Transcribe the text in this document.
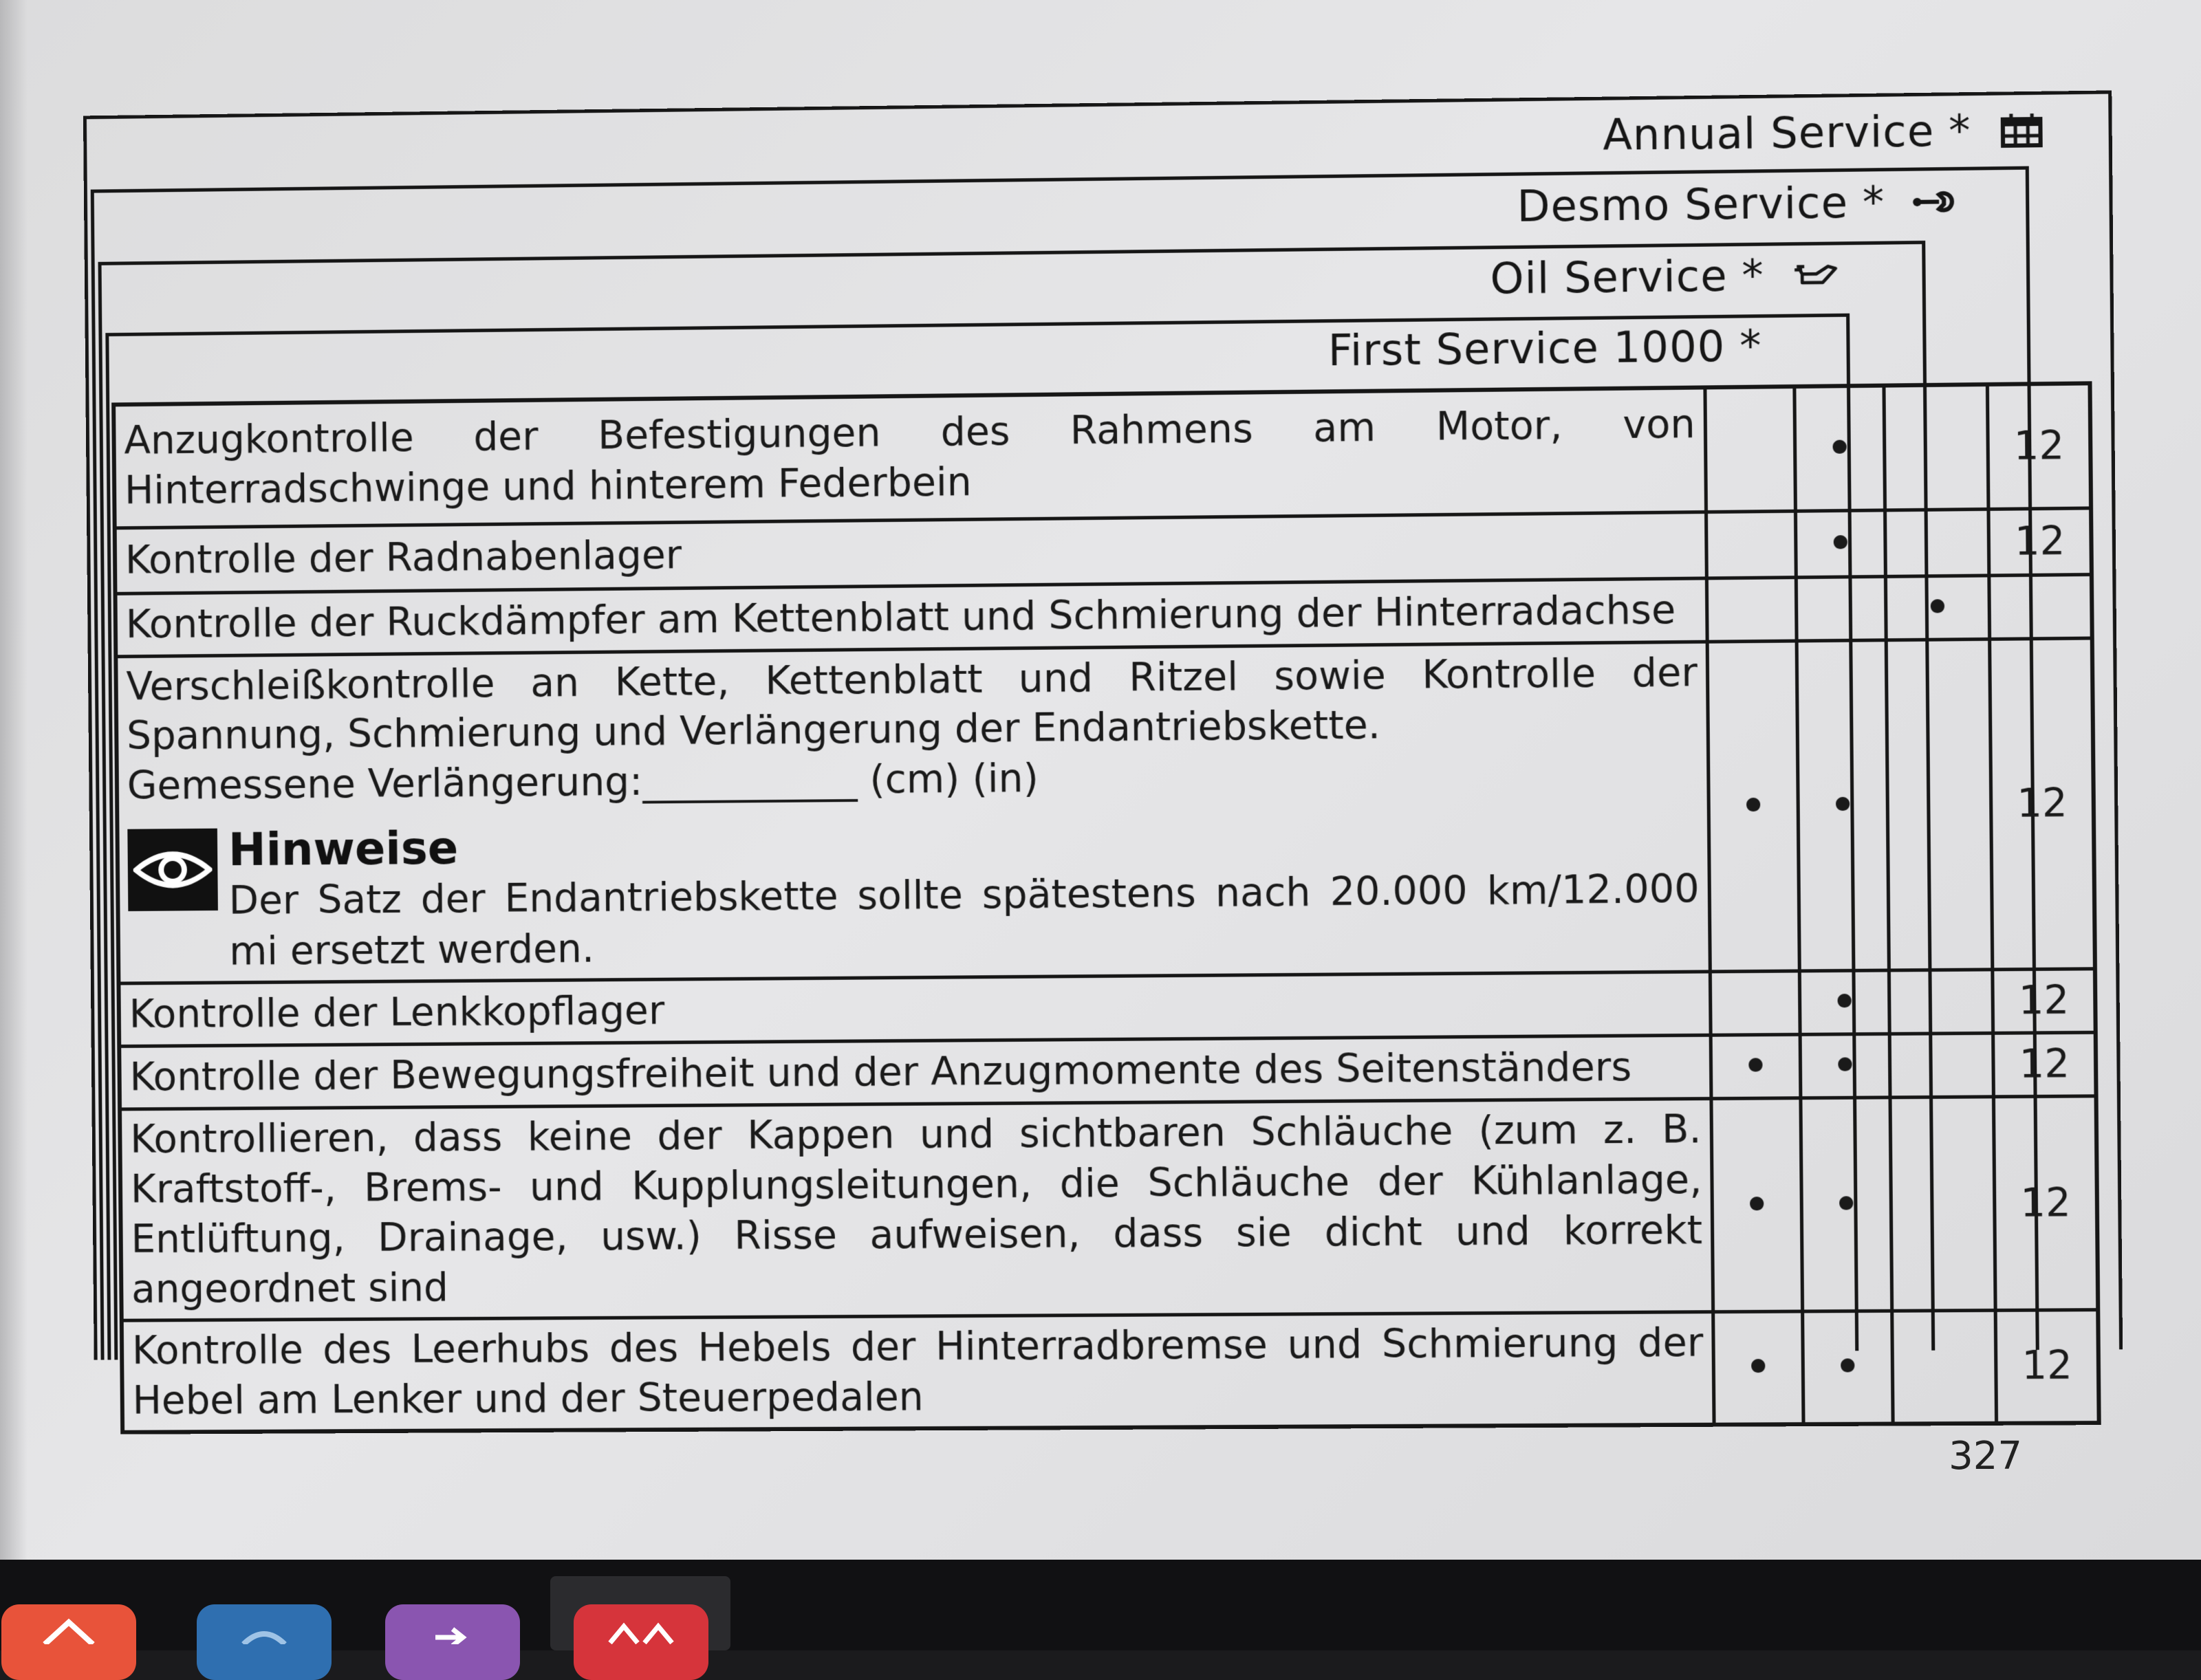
Annual Service *
Desmo Service *
Oil Service *
First Service 1000 *
Anzugkontrolle der Befestigungen des Rahmens am Motor, von Hinterradschwinge und hinterem Federbein		•		12
Kontrolle der Radnabenlager		•		12
Kontrolle der Ruckdämpfer am Kettenblatt und Schmierung der Hinterradachse			•	

Verschleißkontrolle an Kette, Kettenblatt und Ritzel sowie Kontrolle der Spannung, Schmierung und Verlängerung der Endantriebskette.
Gemessene Verlängerung:___________ (cm) (in)
Hinweise
Der Satz der Endantriebskette sollte spätestens nach 20.000 km/12.000 mi ersetzt werden.	•	•		12
Kontrolle der Lenkkopflager		•		12
Kontrolle der Bewegungsfreiheit und der Anzugmomente des Seitenständers	•	•		12
Kontrollieren, dass keine der Kappen und sichtbaren Schläuche (zum z. B. Kraftstoff-, Brems- und Kupplungsleitungen, die Schläuche der Kühlanlage, Entlüftung, Drainage, usw.) Risse aufweisen, dass sie dicht und korrekt angeordnet sind	•	•		12
Kontrolle des Leerhubs des Hebels der Hinterradbremse und Schmierung der Hebel am Lenker und der Steuerpedalen	•	•		12
327
